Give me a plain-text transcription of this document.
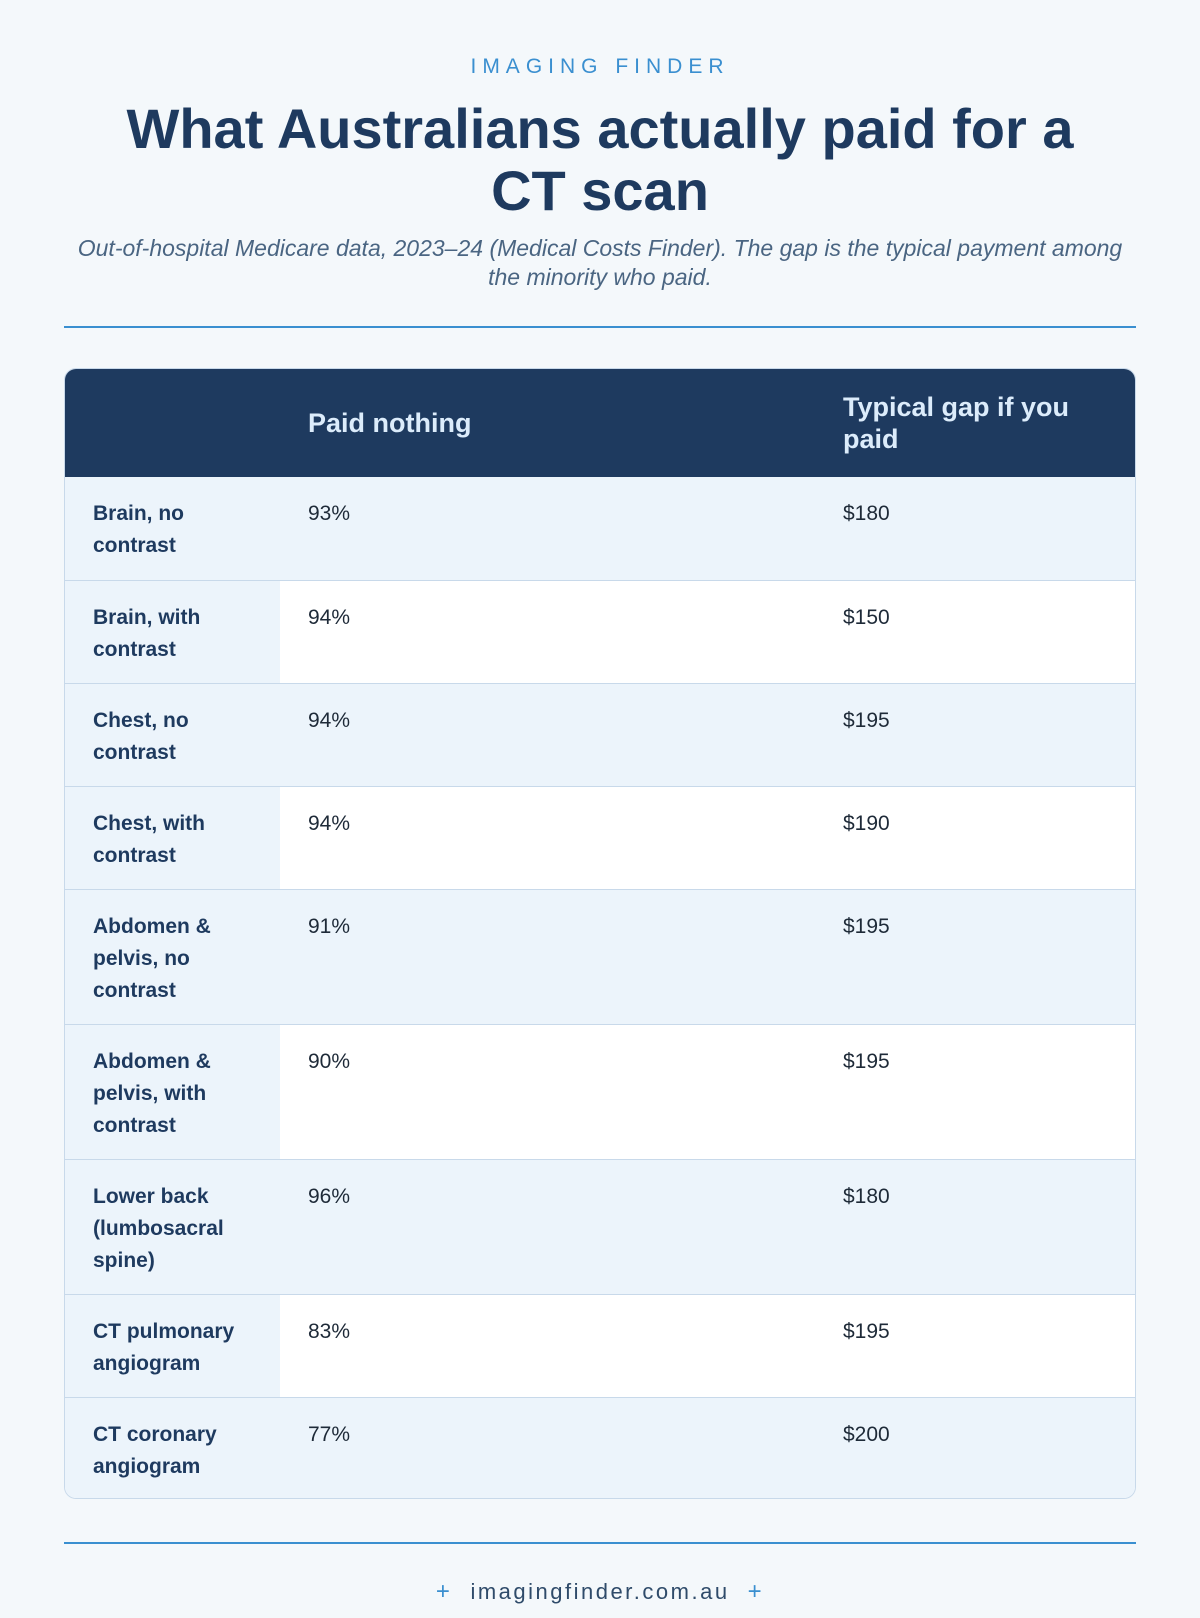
IMAGING FINDER
What Australians actually paid for a CT scan

Out-of-hospital Medicare data, 2023–24 (Medical Costs Finder). The gap is the typical payment among the minority who paid.

	Paid nothing	Typical gap if you paid
Brain, no contrast	93%	$180
Brain, with contrast	94%	$150
Chest, no contrast	94%	$195
Chest, with contrast	94%	$190
Abdomen & pelvis, no contrast	91%	$195
Abdomen & pelvis, with contrast	90%	$195
Lower back (lumbosacral spine)	96%	$180
CT pulmonary angiogram	83%	$195
CT coronary angiogram	77%	$200
+ imagingfinder.com.au +
